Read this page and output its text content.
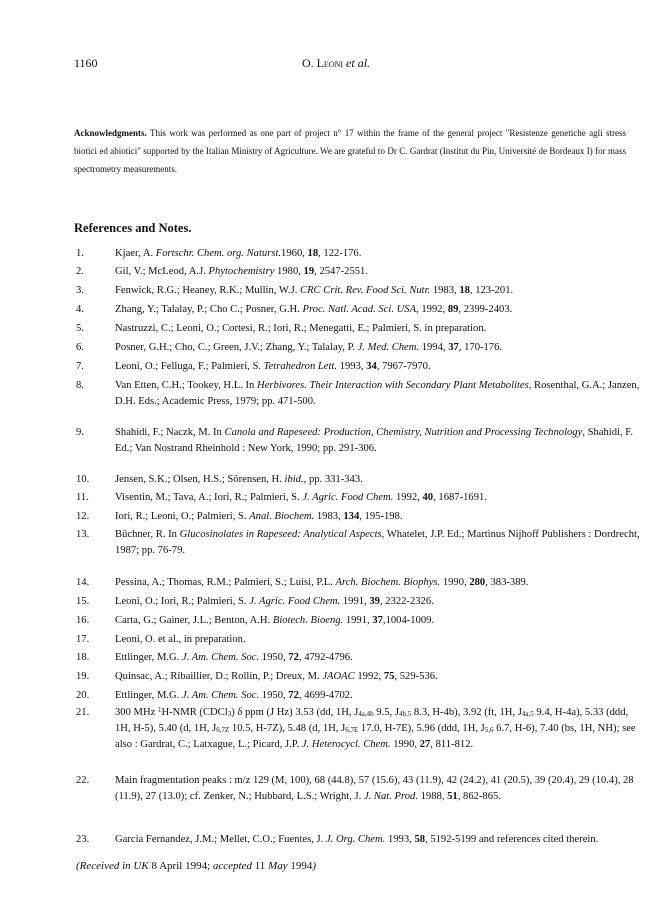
1160	O. Leoni et al.
Acknowledgments. This work was performed as one part of project n° 17 within the frame of the general project "Resistenze genetiche agli stress biotici ed abiotici" supported by the Italian Ministry of Agriculture. We are grateful to Dr C. Gardrat (Institut du Pin, Université de Bordeaux I) for mass spectrometry measurements.
References and Notes.
1.	Kjaer, A. Fortschr. Chem. org. Naturst.1960, 18, 122-176.
2.	Gil, V.; McLeod, A.J. Phytochemistry 1980, 19, 2547-2551.
3.	Fenwick, R.G.; Heaney, R.K.; Mullin, W.J. CRC Crit. Rev. Food Sci. Nutr. 1983, 18, 123-201.
4.	Zhang, Y.; Talalay, P.; Cho C.; Posner, G.H. Proc. Natl. Acad. Sci. USA, 1992, 89, 2399-2403.
5.	Nastruzzi, C.; Leoni, O.; Cortesi, R.; Iori, R.; Menegatti, E.; Palmieri, S. in preparation.
6.	Posner, G.H.; Cho, C.; Green, J.V.; Zhang, Y.; Talalay, P. J. Med. Chem. 1994, 37, 170-176.
7.	Leoni, O.; Felluga, F.; Palmieri, S. Tetrahedron Lett. 1993, 34, 7967-7970.
8.	Van Etten, C.H.; Tookey, H.L. In Herbivores. Their Interaction with Secondary Plant Metabolites, Rosenthal, G.A.; Janzen, D.H. Eds.; Academic Press, 1979; pp. 471-500.
9.	Shahidi, F.; Naczk, M. In Canola and Rapeseed: Production, Chemistry, Nutrition and Processing Technology, Shahidi, F. Ed.; Van Nostrand Rheinhold : New York, 1990; pp. 291-306.
10. Jensen, S.K.; Olsen, H.S.; Sörensen, H. ibid., pp. 331-343.
11. Visentin, M.; Tava, A.; Iori, R.; Palmieri, S. J. Agric. Food Chem. 1992, 40, 1687-1691.
12. Iori, R.; Leoni, O.; Palmieri, S. Anal. Biochem. 1983, 134, 195-198.
13. Büchner, R. In Glucosinolates in Rapeseed: Analytical Aspects, Whatelet, J.P. Ed.; Martinus Nijhoff Publishers : Dordrecht, 1987; pp. 76-79.
14. Pessina, A.; Thomas, R.M.; Palmieri, S.; Luisi, P.L. Arch. Biochem. Biophys. 1990, 280, 383-389.
15. Leoni, O.; Iori, R.; Palmieri, S. J. Agric. Food Chem. 1991, 39, 2322-2326.
16. Carta, G.; Gainer, J.L.; Benton, A.H. Biotech. Bioeng. 1991, 37,1004-1009.
17. Leoni, O. et al., in preparation.
18. Ettlinger, M.G. J. Am. Chem. Soc. 1950, 72, 4792-4796.
19. Quinsac, A.; Ribaillier, D.; Rollin, P.; Dreux, M. JAOAC 1992, 75, 529-536.
20. Ettlinger, M.G. J. Am. Chem. Soc. 1950, 72, 4699-4702.
21. 300 MHz $^1$H-NMR (CDCl$_3$) δ ppm (J Hz) 3.53 (dd, 1H, $J_{4a,4b}$ 9.5, $J_{4b,5}$ 8.3, H-4b), 3.92 (ft, 1H, $J_{4a,5}$ 9.4, H-4a), 5.33 (ddd, 1H, H-5), 5.40 (d, 1H, $J_{6,7Z}$ 10.5, H-7Z), 5.48 (d, 1H, $J_{6,7E}$ 17.0, H-7E), 5.96 (ddd, 1H, $J_{5,6}$ 6.7, H-6), 7.40 (bs, 1H, NH); see also : Gardrat, C.; Latxague, L.; Picard, J.P. J. Heterocycl. Chem. 1990, 27, 811-812.
22. Main fragmentation peaks : m/z 129 (M, 100), 68 (44.8), 57 (15.6), 43 (11.9), 42 (24.2), 41 (20.5), 39 (20.4), 29 (10.4), 28 (11.9), 27 (13.0); cf. Zenker, N.; Hubbard, L.S.; Wright, J. J. Nat. Prod. 1988, 51, 862-865.
23. Garcia Fernandez, J.M.; Mellet, C.O.; Fuentes, J. J. Org. Chem. 1993, 58, 5192-5199 and references cited therein.
(Received in UK 8 April 1994; accepted 11 May 1994)
